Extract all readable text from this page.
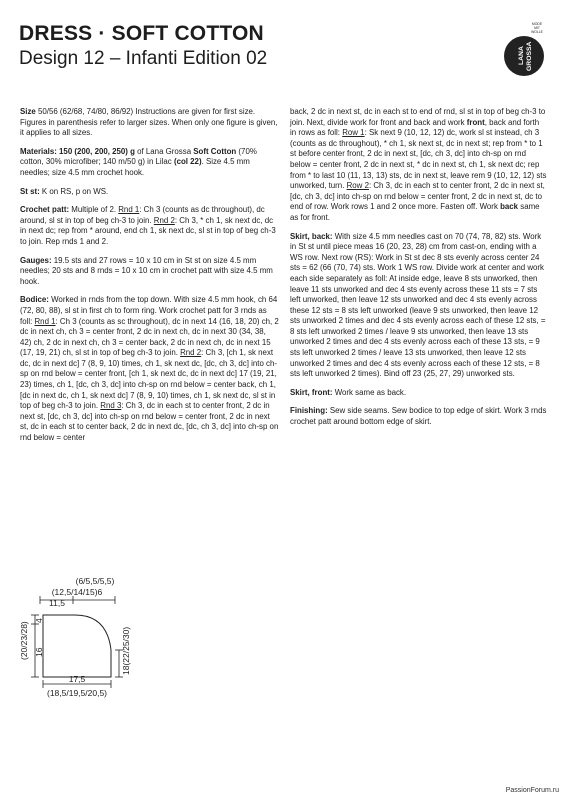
DRESS · SOFT COTTON
Design 12 – Infanti Edition 02
MODE MIT WOLLE
LANA GROSSA

Size 50/56 (62/68, 74/80, 86/92) Instructions are given for first size. Figures in parenthesis refer to larger sizes. When only one figure is given, it applies to all sizes.

Materials: 150 (200, 200, 250) g of Lana Grossa Soft Cotton (70% cotton, 30% microfiber; 140 m/50 g) in Lilac (col 22). Size 4.5 mm needles; size 4.5 mm crochet hook.

St st: K on RS, p on WS.

Crochet patt: Multiple of 2. Rnd 1: Ch 3 (counts as dc throughout), dc around, sl st in top of beg ch-3 to join. Rnd 2: Ch 3, * ch 1, sk next dc, dc in next dc; rep from * around, end ch 1, sk next dc, sl st in top of beg ch-3 to join. Rep rnds 1 and 2.

Gauges: 19.5 sts and 27 rows = 10 x 10 cm in St st on size 4.5 mm needles; 20 sts and 8 rnds = 10 x 10 cm in crochet patt with size 4.5 mm hook.

Bodice: Worked in rnds from the top down. With size 4.5 mm hook, ch 64 (72, 80, 88), sl st in first ch to form ring. Work crochet patt for 3 rnds as foll: Rnd 1: Ch 3 (counts as sc throughout), dc in next 14 (16, 18, 20) ch, 2 dc in next ch, ch 3 = center front, 2 dc in next ch, dc in next 30 (34, 38, 42) ch, 2 dc in next ch, ch 3 = center back, 2 dc in next ch, dc in next 15 (17, 19, 21) ch, sl st in top of beg ch-3 to join. Rnd 2: Ch 3, [ch 1, sk next dc, dc in next dc] 7 (8, 9, 10) times, ch 1, sk next dc, [dc, ch 3, dc] into ch-sp on rnd below = center front, [ch 1, sk next dc, dc in next dc] 17 (19, 21, 23) times, ch 1, [dc, ch 3, dc] into ch-sp on rnd below = center back, ch 1, [dc in next dc, ch 1, sk next dc] 7 (8, 9, 10) times, ch 1, sk next dc, sl st in top of beg ch-3 to join. Rnd 3: Ch 3, dc in each st to center front, 2 dc in next st, [dc, ch 3, dc] into ch-sp on rnd below = center front, 2 dc in next st, dc in each st to center back, 2 dc in next dc, [dc, ch 3, dc] into ch-sp on rnd below = center

back, 2 dc in next st, dc in each st to end of rnd, sl st in top of beg ch-3 to join. Next, divide work for front and back and work front, back and forth in rows as foll: Row 1: Sk next 9 (10, 12, 12) dc, work sl st instead, ch 3 (counts as dc throughout), * ch 1, sk next st, dc in next st; rep from * to 1 st before center front, 2 dc in next st, [dc, ch 3, dc] into ch-sp on rnd below = center front, 2 dc in next st, * dc in next st, ch 1, sk next dc; rep from * to last 10 (11, 13, 13) sts, dc in next st, leave rem 9 (10, 12, 12) sts unworked, turn. Row 2: Ch 3, dc in each st to center front, 2 dc in next st, [dc, ch 3, dc] into ch-sp on rnd below = center front, 2 dc in next st, dc to end of row. Work rows 1 and 2 once more. Fasten off. Work back same as for front.

Skirt, back: With size 4.5 mm needles cast on 70 (74, 78, 82) sts. Work in St st until piece meas 16 (20, 23, 28) cm from cast-on, ending with a WS row. Next row (RS): Work in St st dec 8 sts evenly across center 24 sts = 62 (66 (70, 74) sts. Work 1 WS row. Divide work at center and work each side separately as foll: At inside edge, leave 8 sts unworked, then leave 11 sts unworked and dec 4 sts evenly across these 11 sts = 7 sts left unworked, then leave 12 sts unworked and dec 4 sts evenly across these 12 sts = 8 sts left unworked (leave 9 sts unworked, then leave 12 sts unworked 2 times and dec 4 sts evenly across each of these 12 sts, = 8 sts left unworked 2 times / leave 9 sts unworked, then leave 13 sts unworked 2 times and dec 4 sts evenly across each of these 13 sts, = 9 sts left unworked 2 times / leave 13 sts unworked, then leave 12 sts unworked 2 times and dec 4 sts evenly across each of these 12 sts, = 8 sts left unworked 2 times). Bind off 23 (25, 27, 29) unworked sts.

Skirt, front: Work same as back.

Finishing: Sew side seams. Sew bodice to top edge of skirt. Work 3 rnds crochet patt around bottom edge of skirt.

(6/5,5/5,5)
(12,5/14/15)6
11,5
(20/23/28) 16
4
18(22/25/30)
17,5
(18,5/19,5/20,5)
PassionForum.ru
